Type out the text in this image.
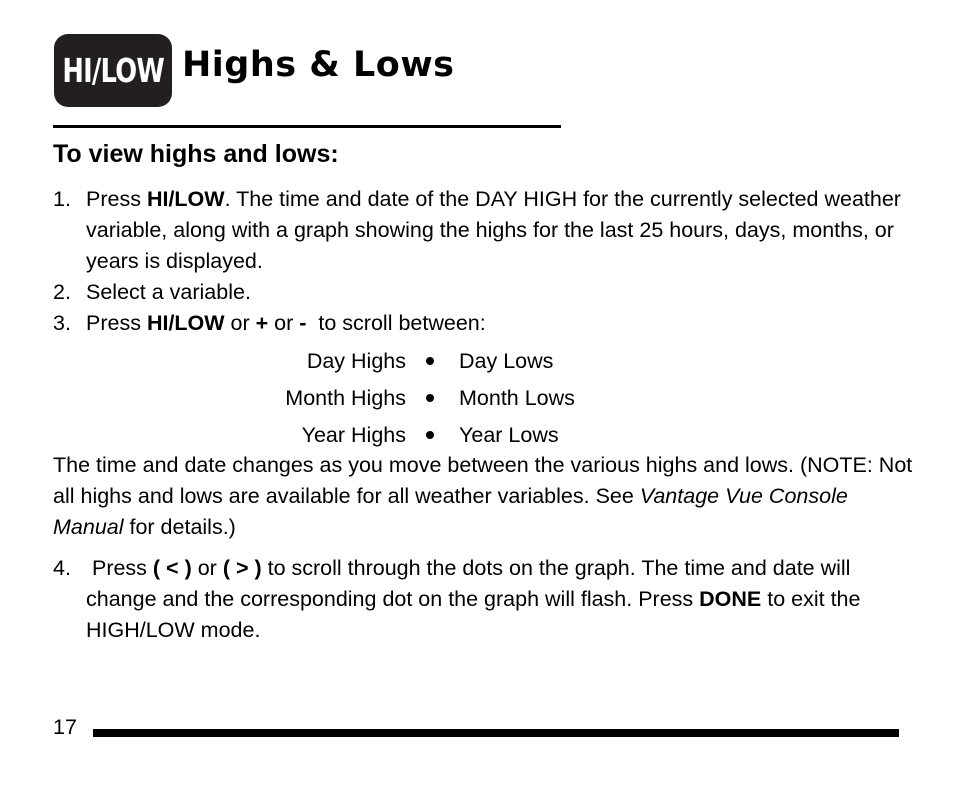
HI/LOW Highs & Lows
To view highs and lows:
1. Press HI/LOW. The time and date of the DAY HIGH for the currently selected weather variable, along with a graph showing the highs for the last 25 hours, days, months, or years is displayed.
2. Select a variable.
3. Press HI/LOW or + or -  to scroll between:
Day Highs Day Lows
Month Highs Month Lows
Year Highs Year Lows
The time and date changes as you move between the various highs and lows. (NOTE: Not all highs and lows are available for all weather variables. See Vantage Vue Console Manual for details.)
4. Press ( < ) or ( > ) to scroll through the dots on the graph. The time and date will change and the corresponding dot on the graph will flash. Press DONE to exit the HIGH/LOW mode.
17
